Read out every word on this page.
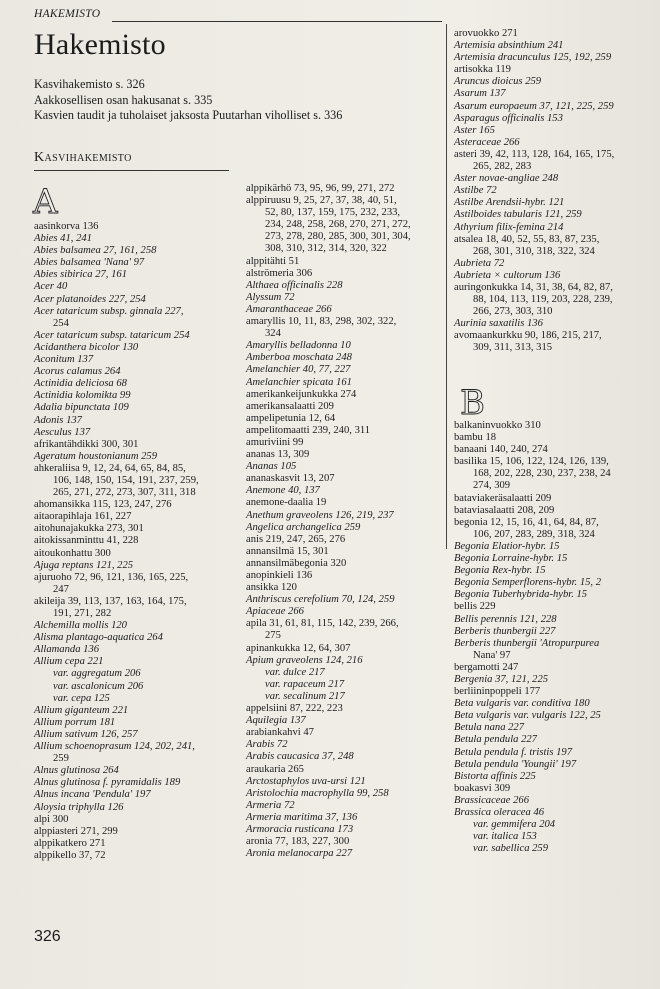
HAKEMISTO
Hakemisto
Kasvihakemisto s. 326
Aakkosellisen osan hakusanat s. 335
Kasvien taudit ja tuholaiset jaksosta Puutarhan viholliset s. 336
Kasvihakemisto
A
B
aasinkorva 136
Abies 41, 241
Abies balsamea 27, 161, 258
Abies balsamea 'Nana' 97
Abies sibirica 27, 161
Acer 40
Acer platanoides 227, 254
Acer tataricum subsp. ginnala 227,
254
Acer tataricum subsp. tataricum 254
Acidanthera bicolor 130
Aconitum 137
Acorus calamus 264
Actinidia deliciosa 68
Actinidia kolomikta 99
Adalia bipunctata 109
Adonis 137
Aesculus 137
afrikantähdikki 300, 301
Ageratum houstonianum 259
ahkeraliisa 9, 12, 24, 64, 65, 84, 85,
106, 148, 150, 154, 191, 237, 259,
265, 271, 272, 273, 307, 311, 318
ahomansikka 115, 123, 247, 276
aitaorapihlaja 161, 227
aitohunajakukka 273, 301
aitokissanminttu 41, 228
aitoukonhattu 300
Ajuga reptans 121, 225
ajuruoho 72, 96, 121, 136, 165, 225,
247
akileija 39, 113, 137, 163, 164, 175,
191, 271, 282
Alchemilla mollis 120
Alisma plantago-aquatica 264
Allamanda 136
Allium cepa 221
var. aggregatum 206
var. ascalonicum 206
var. cepa 125
Allium giganteum 221
Allium porrum 181
Allium sativum 126, 257
Allium schoenoprasum 124, 202, 241,
259
Alnus glutinosa 264
Alnus glutinosa f. pyramidalis 189
Alnus incana 'Pendula' 197
Aloysia triphylla 126
alpi 300
alppiasteri 271, 299
alppikatkero 271
alppikello 37, 72
alppikärhö 73, 95, 96, 99, 271, 272
alppiruusu 9, 25, 27, 37, 38, 40, 51,
52, 80, 137, 159, 175, 232, 233,
234, 248, 258, 268, 270, 271, 272,
273, 278, 280, 285, 300, 301, 304,
308, 310, 312, 314, 320, 322
alppitähti 51
alströmeria 306
Althaea officinalis 228
Alyssum 72
Amaranthaceae 266
amaryllis 10, 11, 83, 298, 302, 322,
324
Amaryllis belladonna 10
Amberboa moschata 248
Amelanchier 40, 77, 227
Amelanchier spicata 161
amerikankeijunkukka 274
amerikansalaatti 209
ampelipetunia 12, 64
ampelitomaatti 239, 240, 311
amuriviini 99
ananas 13, 309
Ananas 105
ananaskasvit 13, 207
Anemone 40, 137
anemone-daalia 19
Anethum graveolens 126, 219, 237
Angelica archangelica 259
anis 219, 247, 265, 276
annansilmä 15, 301
annansilmäbegonia 320
anopinkieli 136
ansikka 120
Anthriscus cerefolium 70, 124, 259
Apiaceae 266
apila 31, 61, 81, 115, 142, 239, 266,
275
apinankukka 12, 64, 307
Apium graveolens 124, 216
var. dulce 217
var. rapaceum 217
var. secalinum 217
appelsiini 87, 222, 223
Aquilegia 137
arabiankahvi 47
Arabis 72
Arabis caucasica 37, 248
araukaria 265
Arctostaphylos uva-ursi 121
Aristolochia macrophylla 99, 258
Armeria 72
Armeria maritima 37, 136
Armoracia rusticana 173
aronia 77, 183, 227, 300
Aronia melanocarpa 227
arovuokko 271
Artemisia absinthium 241
Artemisia dracunculus 125, 192, 259
artisokka 119
Aruncus dioicus 259
Asarum 137
Asarum europaeum 37, 121, 225, 259
Asparagus officinalis 153
Aster 165
Asteraceae 266
asteri 39, 42, 113, 128, 164, 165, 175,
265, 282, 283
Aster novae-angliae 248
Astilbe 72
Astilbe Arendsii-hybr. 121
Astilboides tabularis 121, 259
Athyrium filix-femina 214
atsalea 18, 40, 52, 55, 83, 87, 235,
268, 301, 310, 318, 322, 324
Aubrieta 72
Aubrieta × cultorum 136
auringonkukka 14, 31, 38, 64, 82, 87,
88, 104, 113, 119, 203, 228, 239,
266, 273, 303, 310
Aurinia saxatilis 136
avomaankurkku 90, 186, 215, 217,
309, 311, 313, 315
balkaninvuokko 310
bambu 18
banaani 140, 240, 274
basilika 15, 106, 122, 124, 126, 139,
168, 202, 228, 230, 237, 238, 24
274, 309
bataviakeräsalaatti 209
bataviasalaatti 208, 209
begonia 12, 15, 16, 41, 64, 84, 87,
106, 207, 283, 289, 318, 324
Begonia Elatior-hybr. 15
Begonia Lorraine-hybr. 15
Begonia Rex-hybr. 15
Begonia Semperflorens-hybr. 15, 2
Begonia Tuberhybrida-hybr. 15
bellis 229
Bellis perennis 121, 228
Berberis thunbergii 227
Berberis thunbergii 'Atropurpurea
Nana' 97
bergamotti 247
Bergenia 37, 121, 225
berliininpoppeli 177
Beta vulgaris var. conditiva 180
Beta vulgaris var. vulgaris 122, 25
Betula nana 227
Betula pendula 227
Betula pendula f. tristis 197
Betula pendula 'Youngii' 197
Bistorta affinis 225
boakasvi 309
Brassicaceae 266
Brassica oleracea 46
var. gemmifera 204
var. italica 153
var. sabellica 259
326
